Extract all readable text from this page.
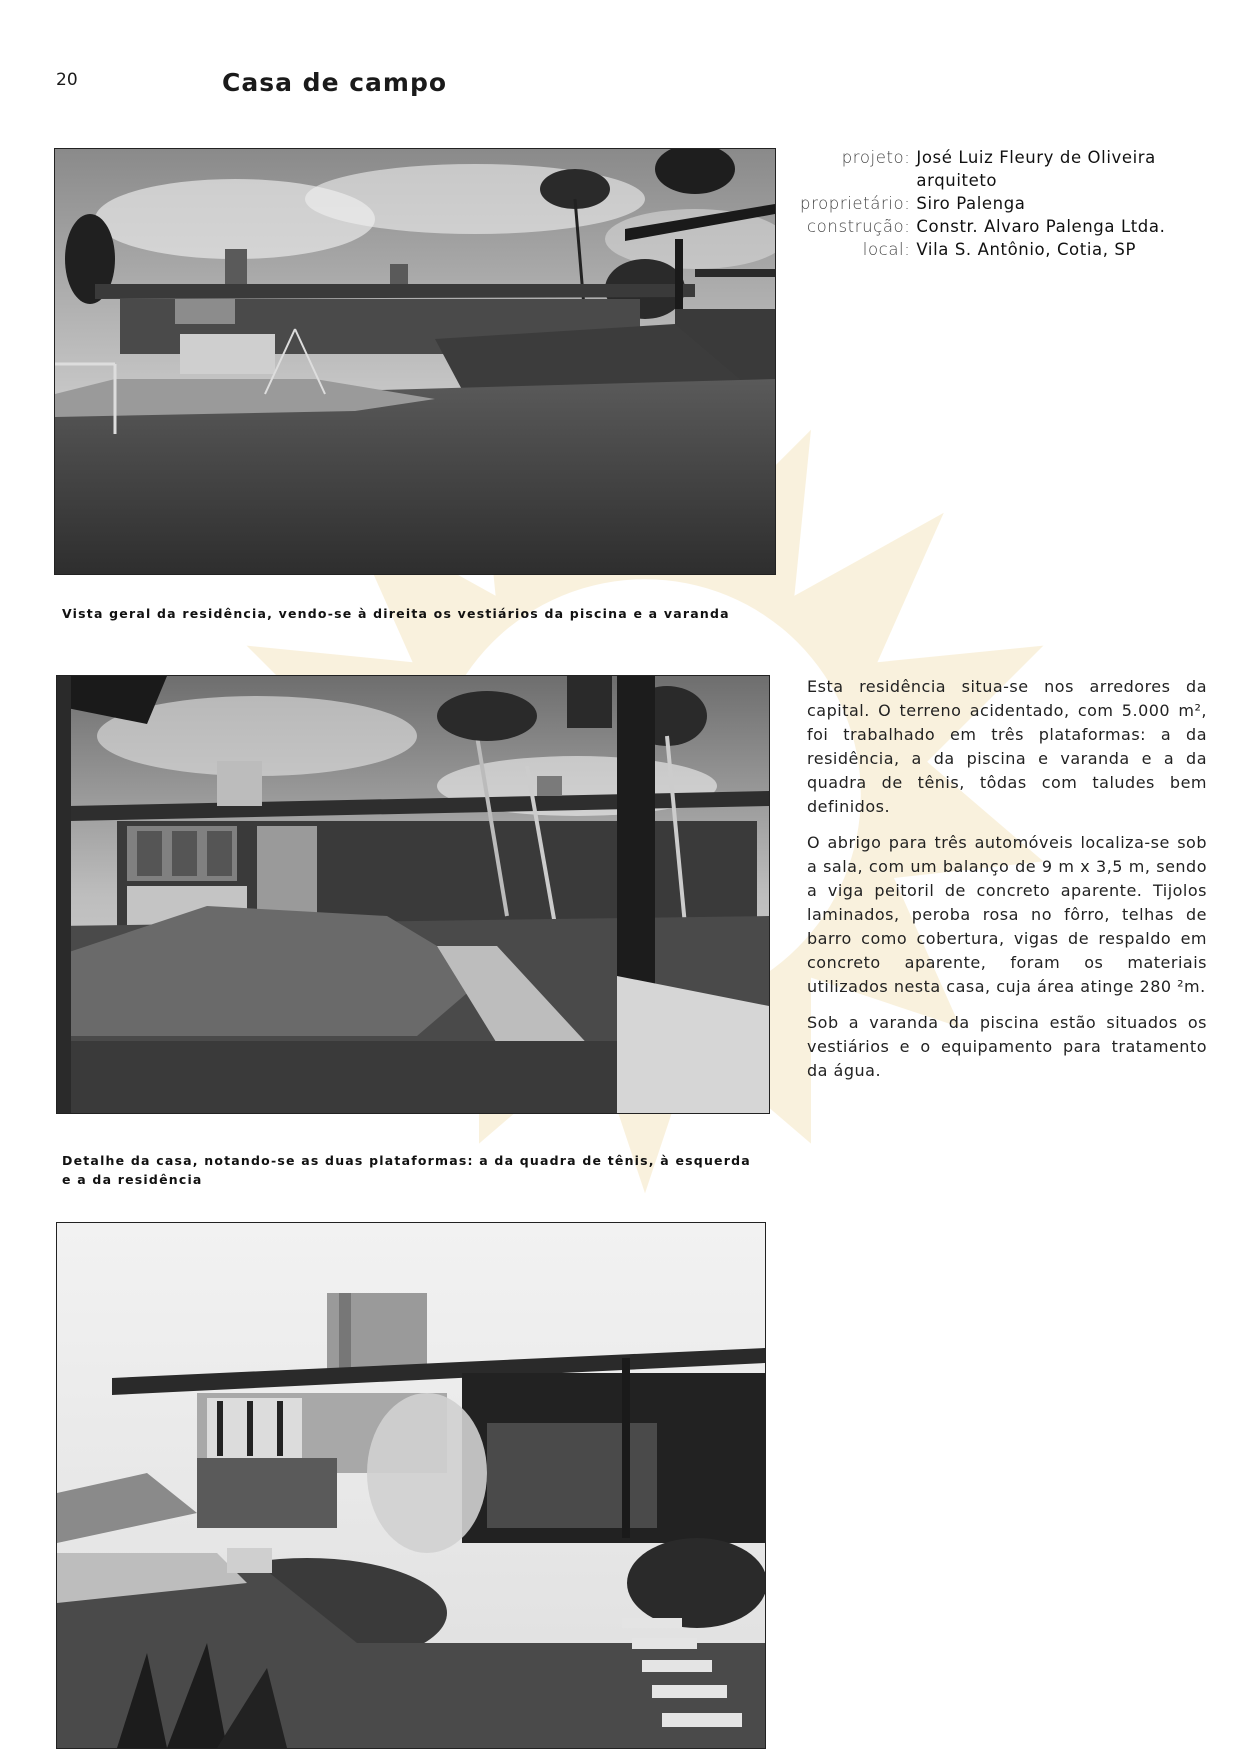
20	Casa de campo
projeto:	José Luiz Fleury de Oliveira
	arquiteto
proprietário:	Siro Palenga
construção:	Constr. Alvaro Palenga Ltda.
local:	Vila S. Antônio, Cotia, SP
Vista geral da residência, vendo-se à direita os vestiários da piscina e a varanda
Detalhe da casa, notando-se as duas plataformas: a da quadra de tênis, à esquerda e a da residência

Esta residência situa-se nos arredores da capital. O terreno acidentado, com 5.000 m², foi trabalhado em três plataformas: a da residência, a da piscina e varanda e a da quadra de tênis, tôdas com taludes bem definidos.

O abrigo para três automóveis localiza-se sob a sala, com um balanço de 9 m x 3,5 m, sendo a viga peitoril de concreto aparente. Tijolos laminados, peroba rosa no fôrro, telhas de barro como cobertura, vigas de respaldo em concreto aparente, foram os materiais utilizados nesta casa, cuja área atinge 280 ²m.

Sob a varanda da piscina estão situados os vestiários e o equipamento para tratamento da água.
